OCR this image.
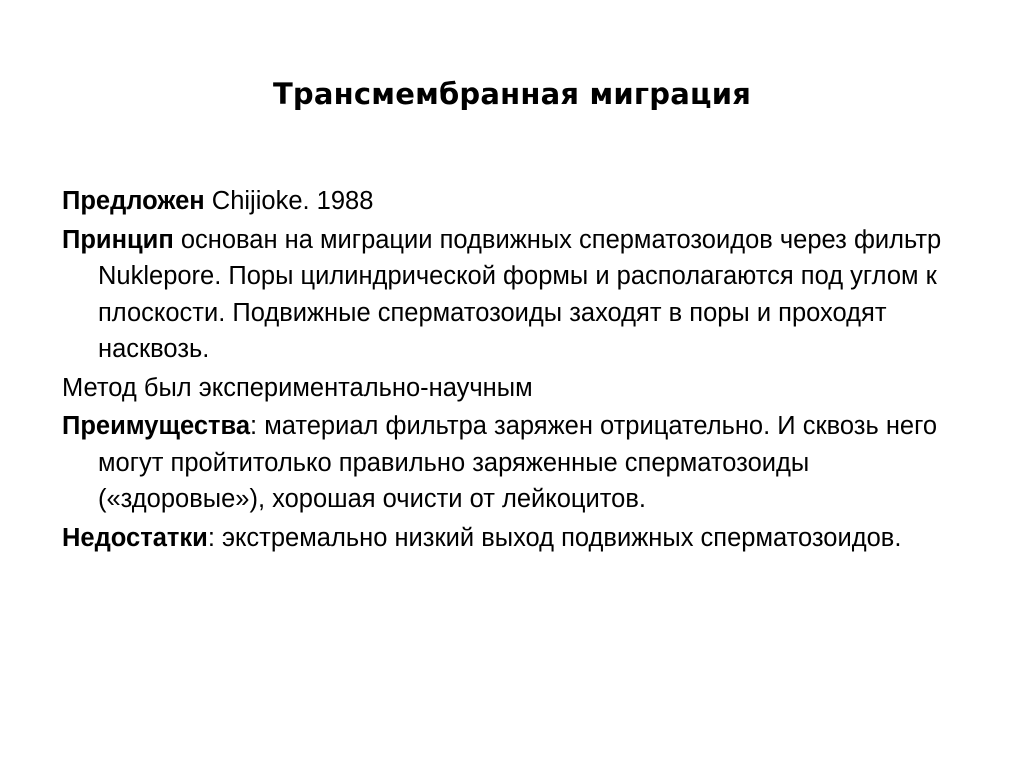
Трансмембранная миграция

Предложен Chijioke. 1988

Принцип основан на миграции подвижных сперматозоидов через фильтр Nuklepore. Поры цилиндрической формы и располагаются под углом к плоскости. Подвижные сперматозоиды заходят в поры и проходят насквозь.

Метод был экспериментально-научным

Преимущества: материал фильтра заряжен отрицательно. И сквозь него могут пройтитолько правильно заряженные сперматозоиды («здоровые»), хорошая очисти от лейкоцитов.

Недостатки: экстремально низкий выход подвижных сперматозоидов.
